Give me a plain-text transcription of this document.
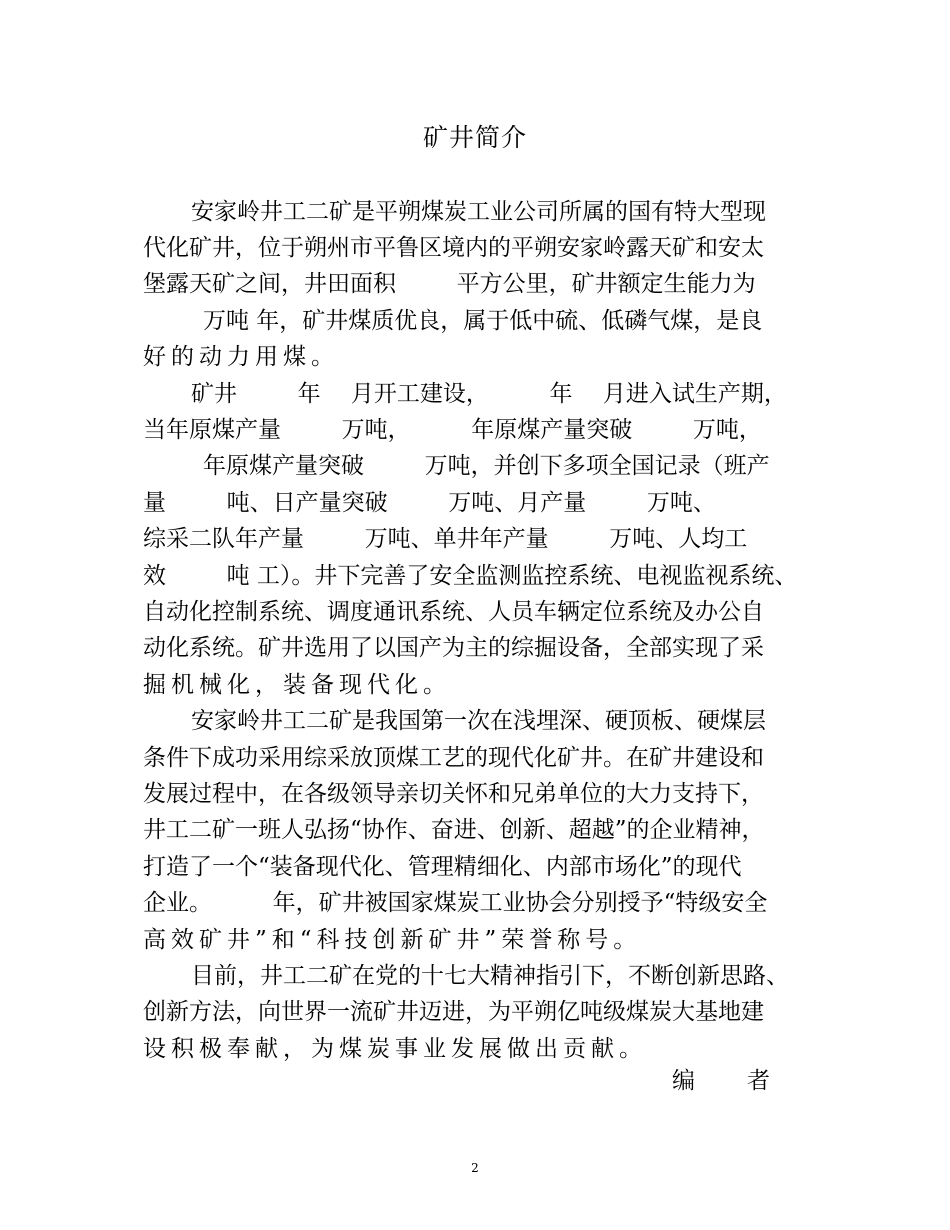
矿井简介
安家岭井工二矿是平朔煤炭工业公司所属的国有特大型现
代化矿井，位于朔州市平鲁区境内的平朔安家岭露天矿和安太
堡露天矿之间，井田面积 　　 平方公里，矿井额定生能力为
万吨 年，矿井煤质优良，属于低中硫、低磷气煤，是良
好的动力用煤。
矿井 　　 年 　月开工建设， 　　 年 　月进入试生产期，
当年原煤产量 　　 万吨， 　　 年原煤产量突破 　　 万吨，
年原煤产量突破 　　 万吨，并创下多项全国记录（班产
量 　　 吨、日产量突破 　　 万吨、月产量 　　 万吨、
综采二队年产量 　　 万吨、单井年产量 　　 万吨、人均工
效 　　 吨 工）。井下完善了安全监测监控系统、电视监视系统、
自动化控制系统、调度通讯系统、人员车辆定位系统及办公自
动化系统。矿井选用了以国产为主的综掘设备，全部实现了采
掘机械化，装备现代化。
安家岭井工二矿是我国第一次在浅埋深、硬顶板、硬煤层
条件下成功采用综采放顶煤工艺的现代化矿井。在矿井建设和
发展过程中，在各级领导亲切关怀和兄弟单位的大力支持下，
井工二矿一班人弘扬“协作、奋进、创新、超越”的企业精神，
打造了一个“装备现代化、管理精细化、内部市场化”的现代
企业。 　　 年，矿井被国家煤炭工业协会分别授予“特级安全
高效矿井”和“科技创新矿井”荣誉称号。
目前，井工二矿在党的十七大精神指引下，不断创新思路、
创新方法，向世界一流矿井迈进，为平朔亿吨级煤炭大基地建
设积极奉献，为煤炭事业发展做出贡献。
编者
2
